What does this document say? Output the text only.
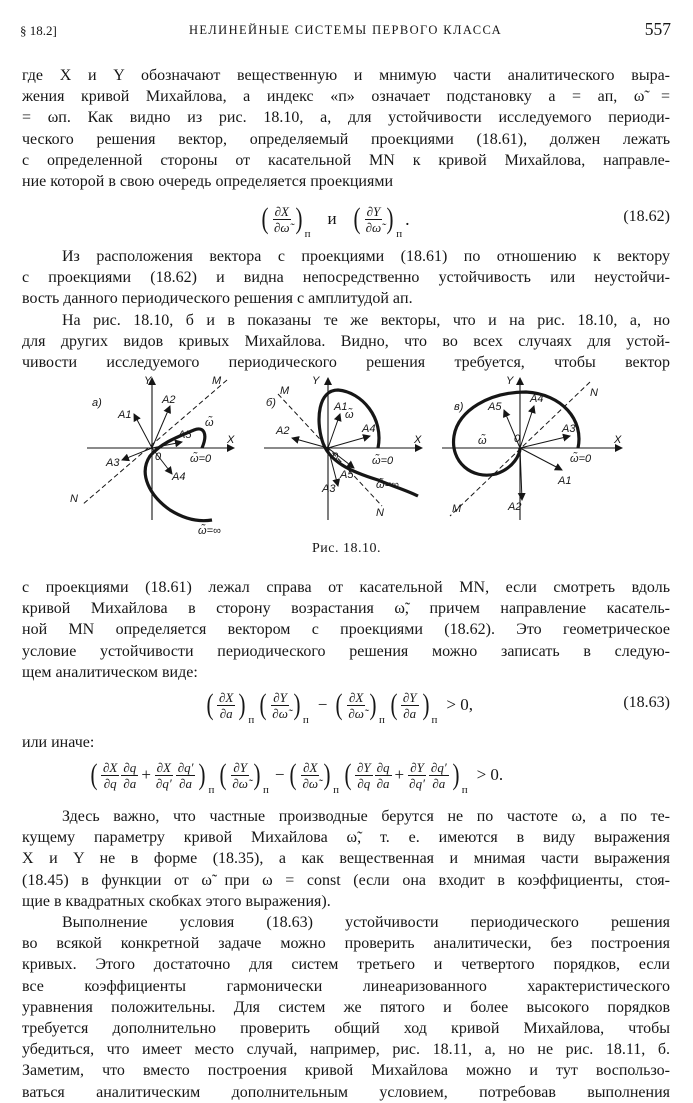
§ 18.2]	НЕЛИНЕЙНЫЕ СИСТЕМЫ ПЕРВОГО КЛАССА	557
где X и Y обозначают вещественную и мнимую части аналитического выра-
жения кривой Михайлова, а индекс «п» означает подстановку a = aп, ω̃ =
= ωп. Как видно из рис. 18.10, a, для устойчивости исследуемого периоди-
ческого решения вектор, определяемый проекциями (18.61), должен лежать
с определенной стороны от касательной MN к кривой Михайлова, направле-
ние которой в свою очередь определяется проекциями
( $\frac{\partial X}{\partial\omegã}$ ) п
и ( $\frac{\partial Y}{\partial\omegã}$ ) п
.	(18.62)
Из расположения вектора с проекциями (18.61) по отношению к вектору
с проекциями (18.62) и видна непосредственно устойчивость или неустойчи-
вость данного периодического решения с амплитудой aп.
На рис. 18.10, б и в показаны те же векторы, что и на рис. 18.10, a, но
для других видов кривых Михайлова. Видно, что во всех случаях для устой-
чивости исследуемого периодического решения требуется, чтобы вектор
a)
X
Y
0
M
N
ω̃
ω̃=0
ω̃=∞
A1
A2
A3
A4
A5
б)
X
Y
0
M
N
ω̃
ω̃=0
ω̃=∞
A1
A2
A3
A4
A5
в)
X
Y
0
M
N
ω̃
ω̃=0
A1
A2
A3
A4
A5
Рис. 18.10.
с проекциями (18.61) лежал справа от касательной MN, если смотреть вдоль
кривой Михайлова в сторону возрастания ω̃, причем направление касатель-
ной MN определяется вектором с проекциями (18.62). Это геометрическое
условие устойчивости периодического решения можно записать в следую-
щем аналитическом виде:
( $\frac{\partial X}{\partial a}$ ) п ( $\frac{\partial Y}{\partial\omegã}$ ) п
− ( $\frac{\partial X}{\partial\omegã}$ ) п ( $\frac{\partial Y}{\partial a}$ ) п
> 0,	(18.63)
или иначе:
( $\frac{\partial X}{\partial q} \frac{\partial q}{\partial a} + \frac{\partial X}{\partial q'} \frac{\partial q'}{\partial a}$ ) п ( $\frac{\partial Y}{\partial\omegã}$ ) п
− ( $\frac{\partial X}{\partial\omegã}$ ) п ( $\frac{\partial Y}{\partial q} \frac{\partial q}{\partial a} + \frac{\partial Y}{\partial q'} \frac{\partial q'}{\partial a}$ ) п
> 0.
Здесь важно, что частные производные берутся не по частоте ω, а по те-
кущему параметру кривой Михайлова ω̃, т. е. имеются в виду выражения
X и Y не в форме (18.35), а как вещественная и мнимая части выражения
(18.45) в функции от ω̃ при ω = const (если она входит в коэффициенты, стоя-
щие в квадратных скобках этого выражения).
Выполнение условия (18.63) устойчивости периодического решения
во всякой конкретной задаче можно проверить аналитически, без построения
кривых. Этого достаточно для систем третьего и четвертого порядков, если
все коэффициенты гармонически линеаризованного характеристического
уравнения положительны. Для систем же пятого и более высокого порядков
требуется дополнительно проверить общий ход кривой Михайлова, чтобы
убедиться, что имеет место случай, например, рис. 18.11, a, но не рис. 18.11, б.
Заметим, что вместо построения кривой Михайлова можно и тут воспользо-
ваться аналитическим дополнительным условием, потребовав выполнения
